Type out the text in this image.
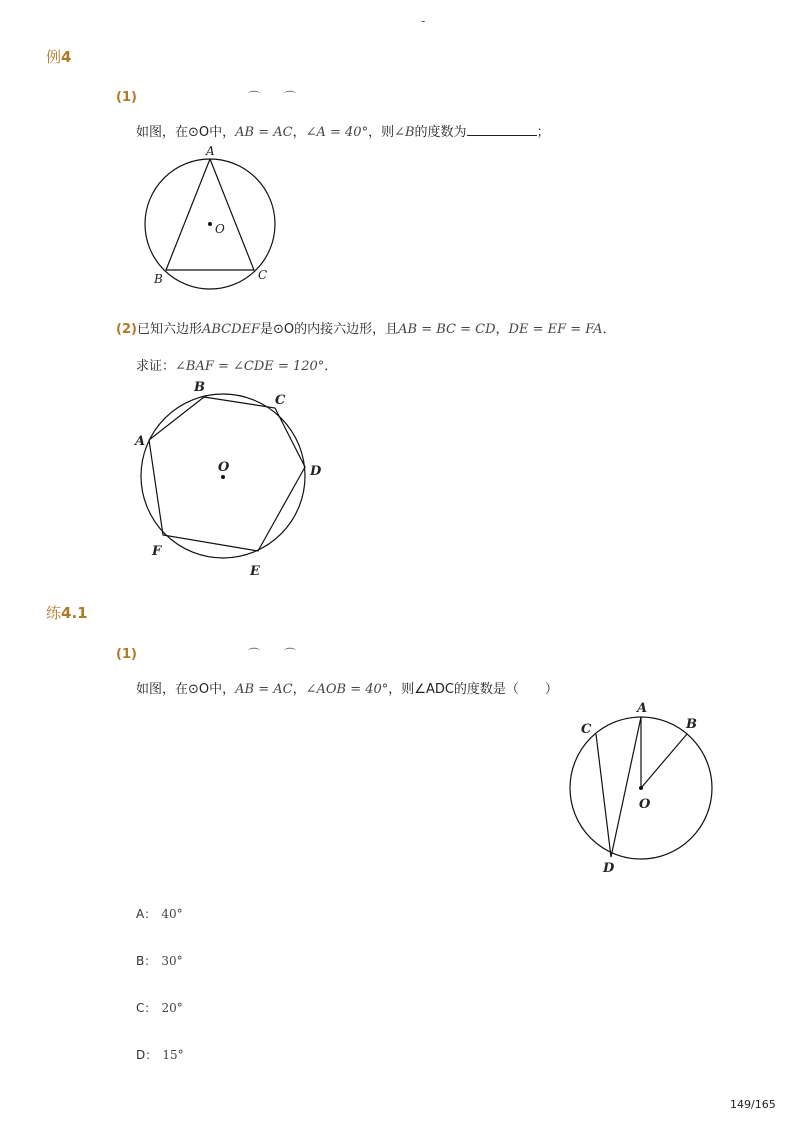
-
例4
(1)	⌒　　⌒
如图，在⊙O中，AB = AC，∠A = 40°，则∠B的度数为	；
A
O
B	C
(2)已知六边形ABCDEF是⊙O的内接六边形，且AB = BC = CD，DE = EF = FA．
求证：∠BAF = ∠CDE = 120°．
B
C
A
D
O
F
E
练4.1
(1)	⌒　　⌒
如图，在⊙O中，AB = AC，∠AOB = 40°，则∠ADC的度数是（　　）
A
B
C
D
O
A： 40°
B： 30°
C： 20°
D： 15°
149/165
